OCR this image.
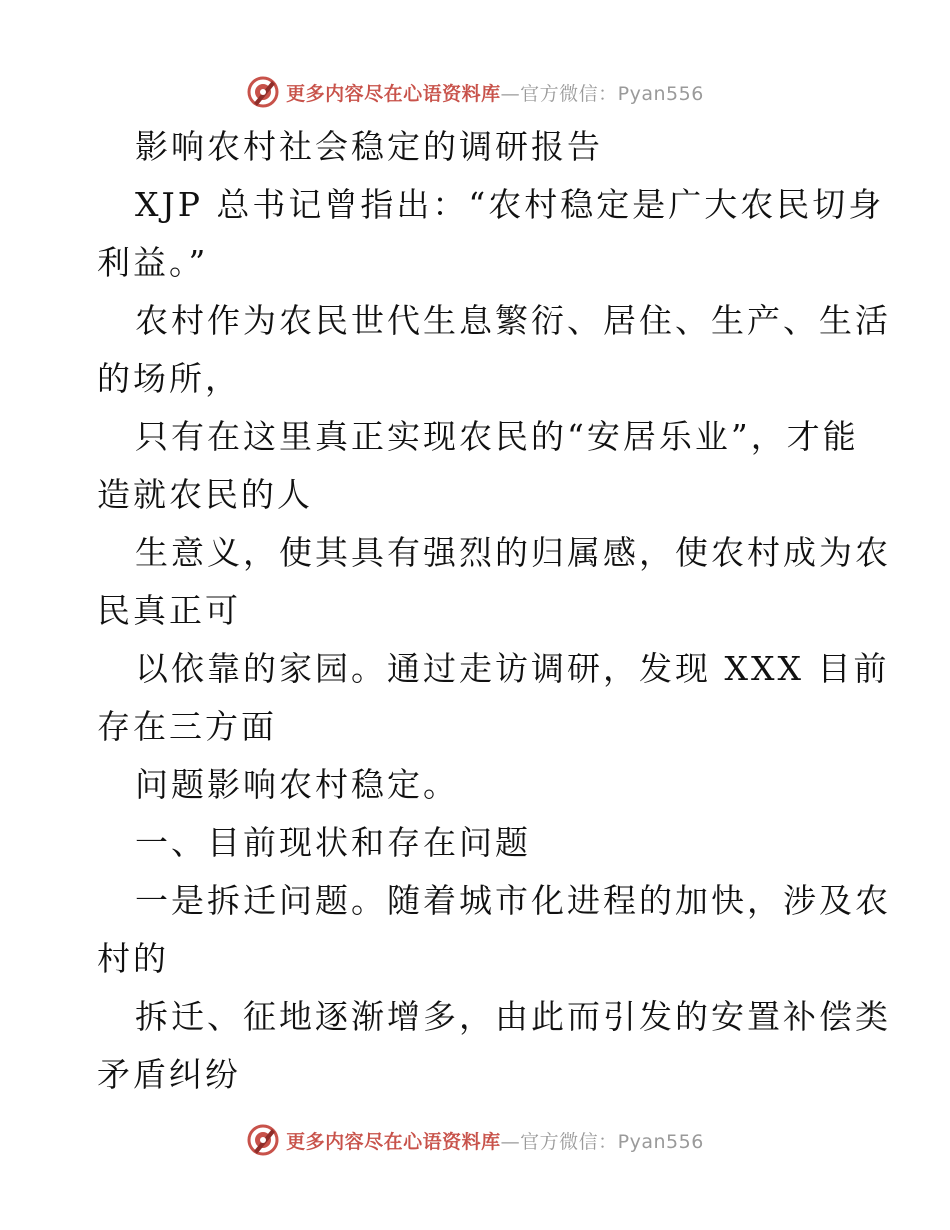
更多内容尽在心语资料库—官方微信：Pyan556

影响农村社会稳定的调研报告

XJP 总书记曾指出：“农村稳定是广大农民切身

利益。”

农村作为农民世代生息繁衍、居住、生产、生活

的场所，

只有在这里真正实现农民的“安居乐业”，才能

造就农民的人

生意义，使其具有强烈的归属感，使农村成为农

民真正可

以依靠的家园。通过走访调研，发现 XXX 目前

存在三方面

问题影响农村稳定。

一、目前现状和存在问题

一是拆迁问题。随着城市化进程的加快，涉及农

村的

拆迁、征地逐渐增多，由此而引发的安置补偿类

矛盾纠纷

更多内容尽在心语资料库—官方微信：Pyan556
